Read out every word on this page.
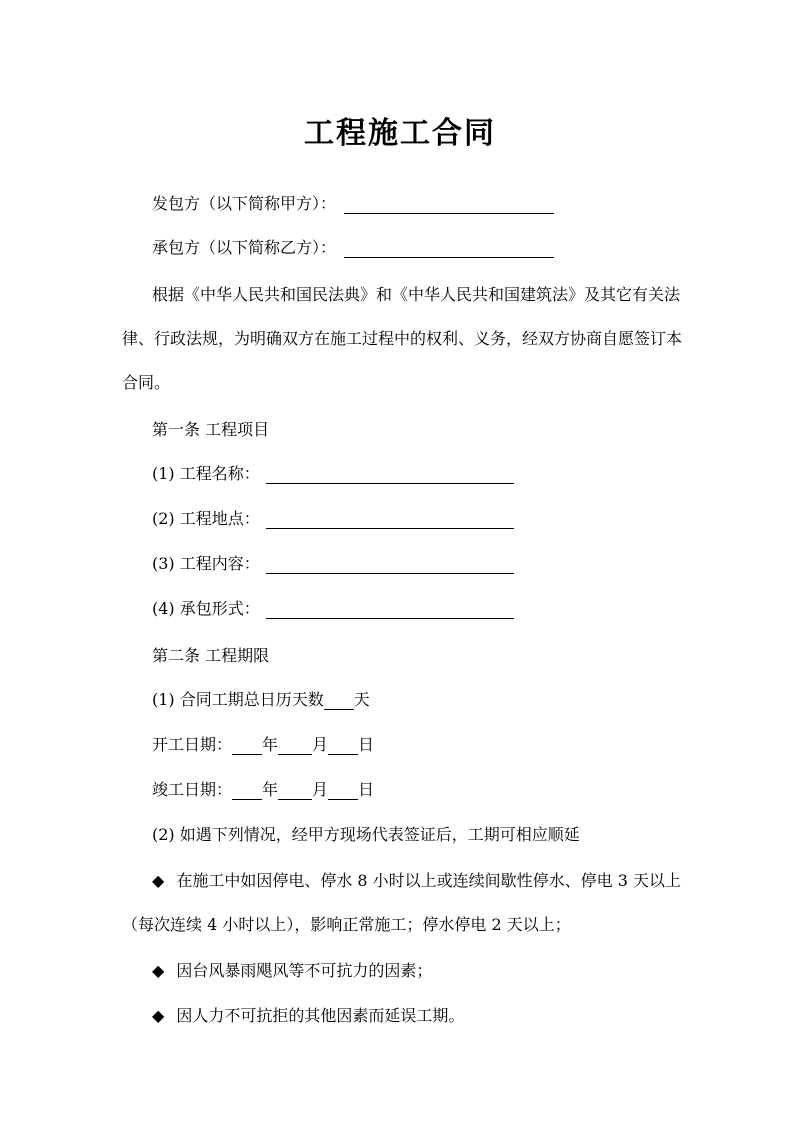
工程施工合同
发包方（以下简称甲方）：
承包方（以下简称乙方）：
根据《中华人民共和国民法典》和《中华人民共和国建筑法》及其它有关法
律、行政法规，为明确双方在施工过程中的权利、义务，经双方协商自愿签订本
合同。
第一条 工程项目
(1) 工程名称：
(2) 工程地点：
(3) 工程内容：
(4) 承包形式：
第二条 工程期限
(1) 合同工期总日历天数 天
开工日期： 年 月 日
竣工日期： 年 月 日
(2) 如遇下列情况，经甲方现场代表签证后，工期可相应顺延
◆ 在施工中如因停电、停水 8 小时以上或连续间歇性停水、停电 3 天以上
（每次连续 4 小时以上），影响正常施工；停水停电 2 天以上；
◆ 因台风暴雨飓风等不可抗力的因素；
◆ 因人力不可抗拒的其他因素而延误工期。
